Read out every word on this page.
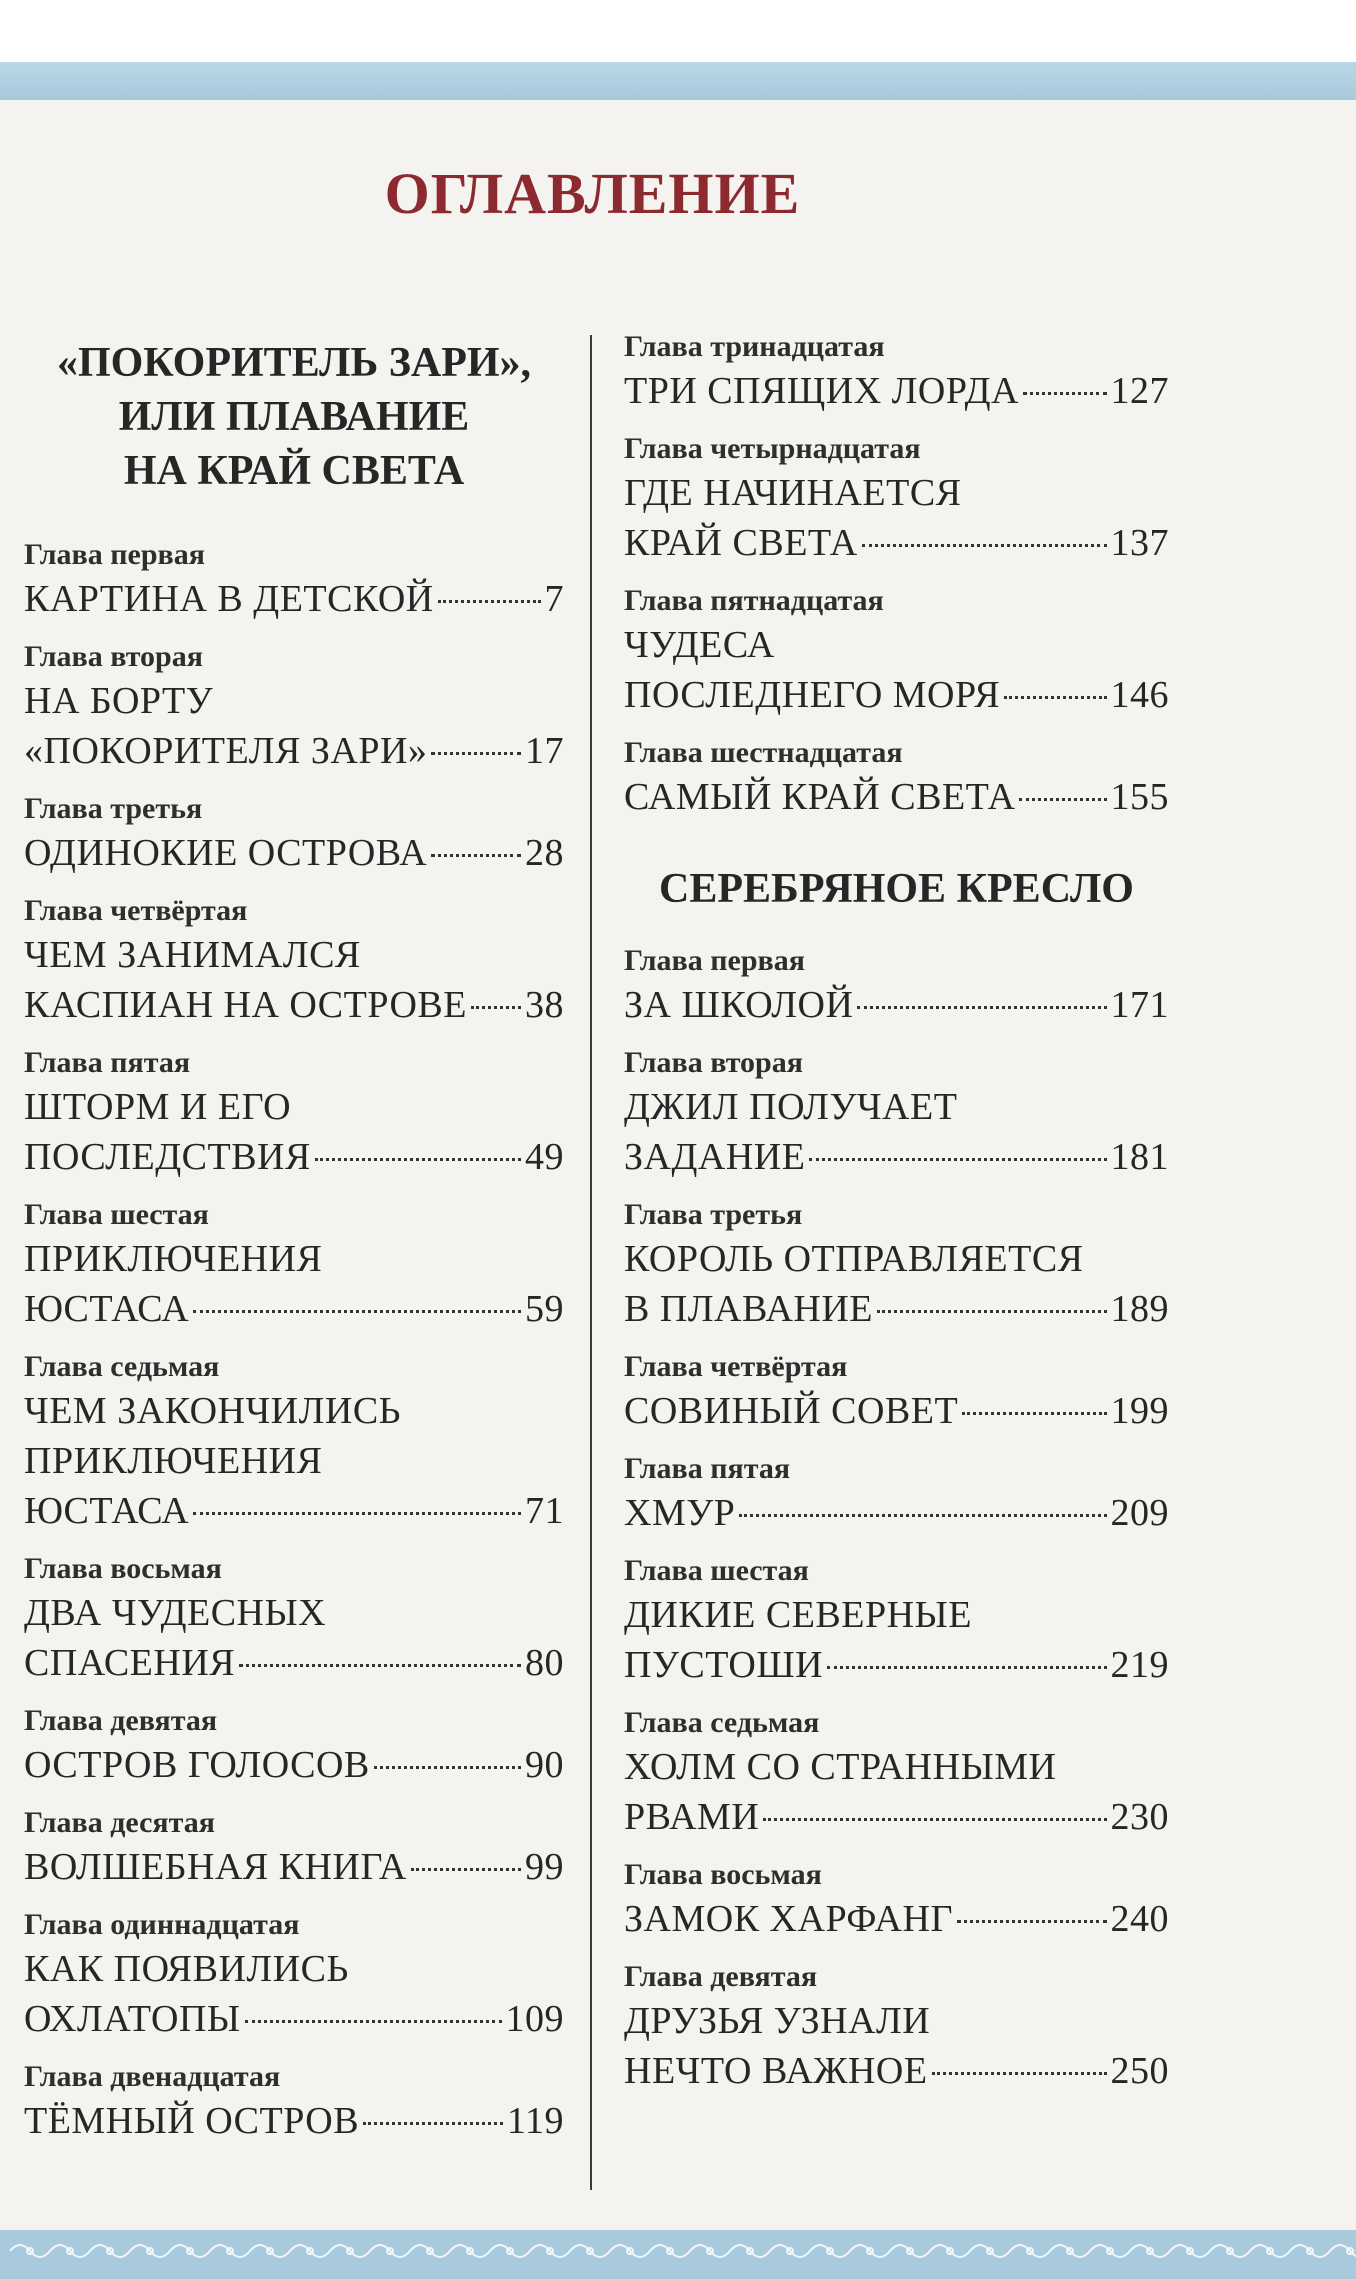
ОГЛАВЛЕНИЕ
«ПОКОРИТЕЛЬ ЗАРИ»,
ИЛИ ПЛАВАНИЕ
НА КРАЙ СВЕТА
Глава первая
КАРТИНА В ДЕТСКОЙ	7
Глава вторая
НА БОРТУ
«ПОКОРИТЕЛЯ ЗАРИ»	17
Глава третья
ОДИНОКИЕ ОСТРОВА	28
Глава четвёртая
ЧЕМ ЗАНИМАЛСЯ
КАСПИАН НА ОСТРОВЕ 38
Глава пятая
ШТОРМ И ЕГО
ПОСЛЕДСТВИЯ	49
Глава шестая
ПРИКЛЮЧЕНИЯ
ЮСТАСА	59
Глава седьмая
ЧЕМ ЗАКОНЧИЛИСЬ
ПРИКЛЮЧЕНИЯ
ЮСТАСА	71
Глава восьмая
ДВА ЧУДЕСНЫХ
СПАСЕНИЯ	80
Глава девятая
ОСТРОВ ГОЛОСОВ	90
Глава десятая
ВОЛШЕБНАЯ КНИГА	99
Глава одиннадцатая
КАК ПОЯВИЛИСЬ
ОХЛАТОПЫ	109
Глава двенадцатая
ТЁМНЫЙ ОСТРОВ	119
Глава тринадцатая
ТРИ СПЯЩИХ ЛОРДА 127
Глава четырнадцатая
ГДЕ НАЧИНАЕТСЯ
КРАЙ СВЕТА	137
Глава пятнадцатая
ЧУДЕСА
ПОСЛЕДНЕГО МОРЯ	146
Глава шестнадцатая
САМЫЙ КРАЙ СВЕТА	155
СЕРЕБРЯНОЕ КРЕСЛО
Глава первая
ЗА ШКОЛОЙ	171
Глава вторая
ДЖИЛ ПОЛУЧАЕТ
ЗАДАНИЕ	181
Глава третья
КОРОЛЬ ОТПРАВЛЯЕТСЯ
В ПЛАВАНИЕ	189
Глава четвёртая
СОВИНЫЙ СОВЕТ	199
Глава пятая
ХМУР	209
Глава шестая
ДИКИЕ СЕВЕРНЫЕ
ПУСТОШИ	219
Глава седьмая
ХОЛМ СО СТРАННЫМИ
РВАМИ	230
Глава восьмая
ЗАМОК ХАРФАНГ	240
Глава девятая
ДРУЗЬЯ УЗНАЛИ
НЕЧТО ВАЖНОЕ	250
